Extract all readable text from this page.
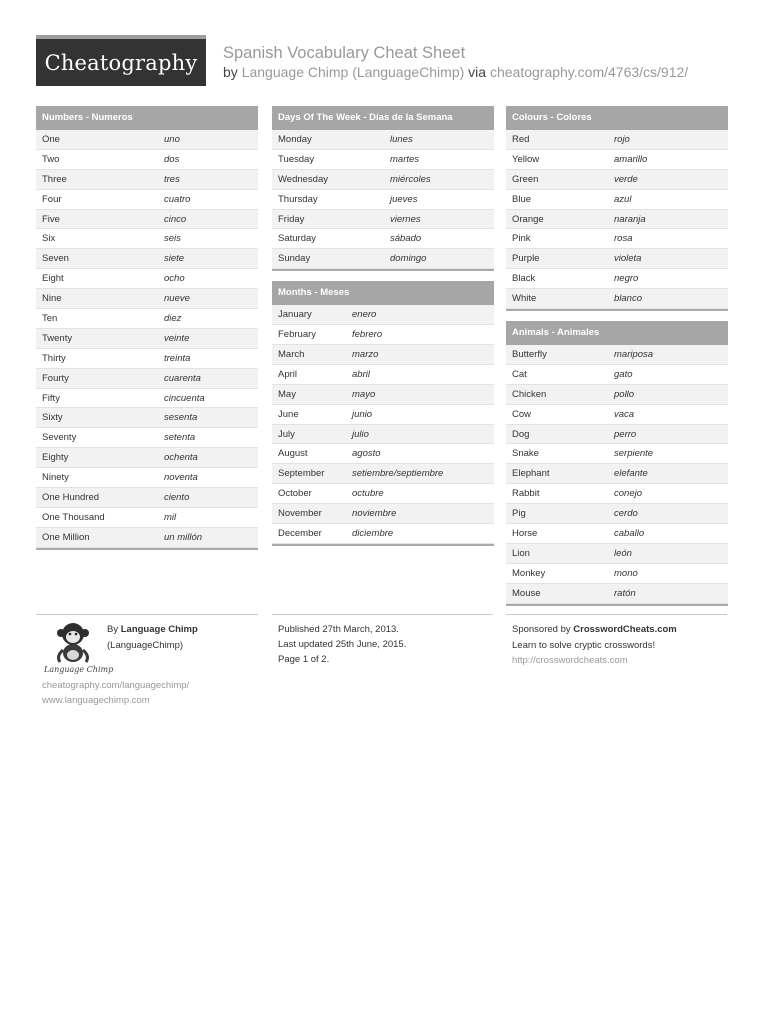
Cheatography Spanish Vocabulary Cheat Sheet
by Language Chimp (LanguageChimp) via cheatography.com/4763/cs/912/
Numbers - Numeros
One	uno
Two	dos
Three	tres
Four	cuatro
Five	cinco
Six	seis
Seven	siete
Eight	ocho
Nine	nueve
Ten	diez
Twenty	veinte
Thirty	treinta
Fourty	cuarenta
Fifty	cincuenta
Sixty	sesenta
Seventy	setenta
Eighty	ochenta
Ninety	noventa
One Hundred	ciento
One Thousand	mil
One Million	un millón
Days Of The Week - Días de la Semana
Monday	lunes
Tuesday	martes
Wednesday	miércoles
Thursday	jueves
Friday	viernes
Saturday	sábado
Sunday	domingo
Months - Meses
January	enero
February	febrero
March	marzo
April	abril
May	mayo
June	junio
July	julio
August	agosto
September	setiembre/septiembre
October	octubre
November	noviembre
December	diciembre
Colours - Colores
Red	rojo
Yellow	amarillo
Green	verde
Blue	azul
Orange	naranja
Pink	rosa
Purple	violeta
Black	negro
White	blanco
Animals - Animales
Butterfly	mariposa
Cat	gato
Chicken	pollo
Cow	vaca
Dog	perro
Snake	serpiente
Elephant	elefante
Rabbit	conejo
Pig	cerdo
Horse	caballo
Lion	león
Monkey	mono
Mouse	ratón
Language Chimp
By Language Chimp
(LanguageChimp)
cheatography.com/languagechimp/
www.languagechimp.com
Published 27th March, 2013.
Last updated 25th June, 2015.
Page 1 of 2.
Sponsored by CrosswordCheats.com
Learn to solve cryptic crosswords!
http://crosswordcheats.com
